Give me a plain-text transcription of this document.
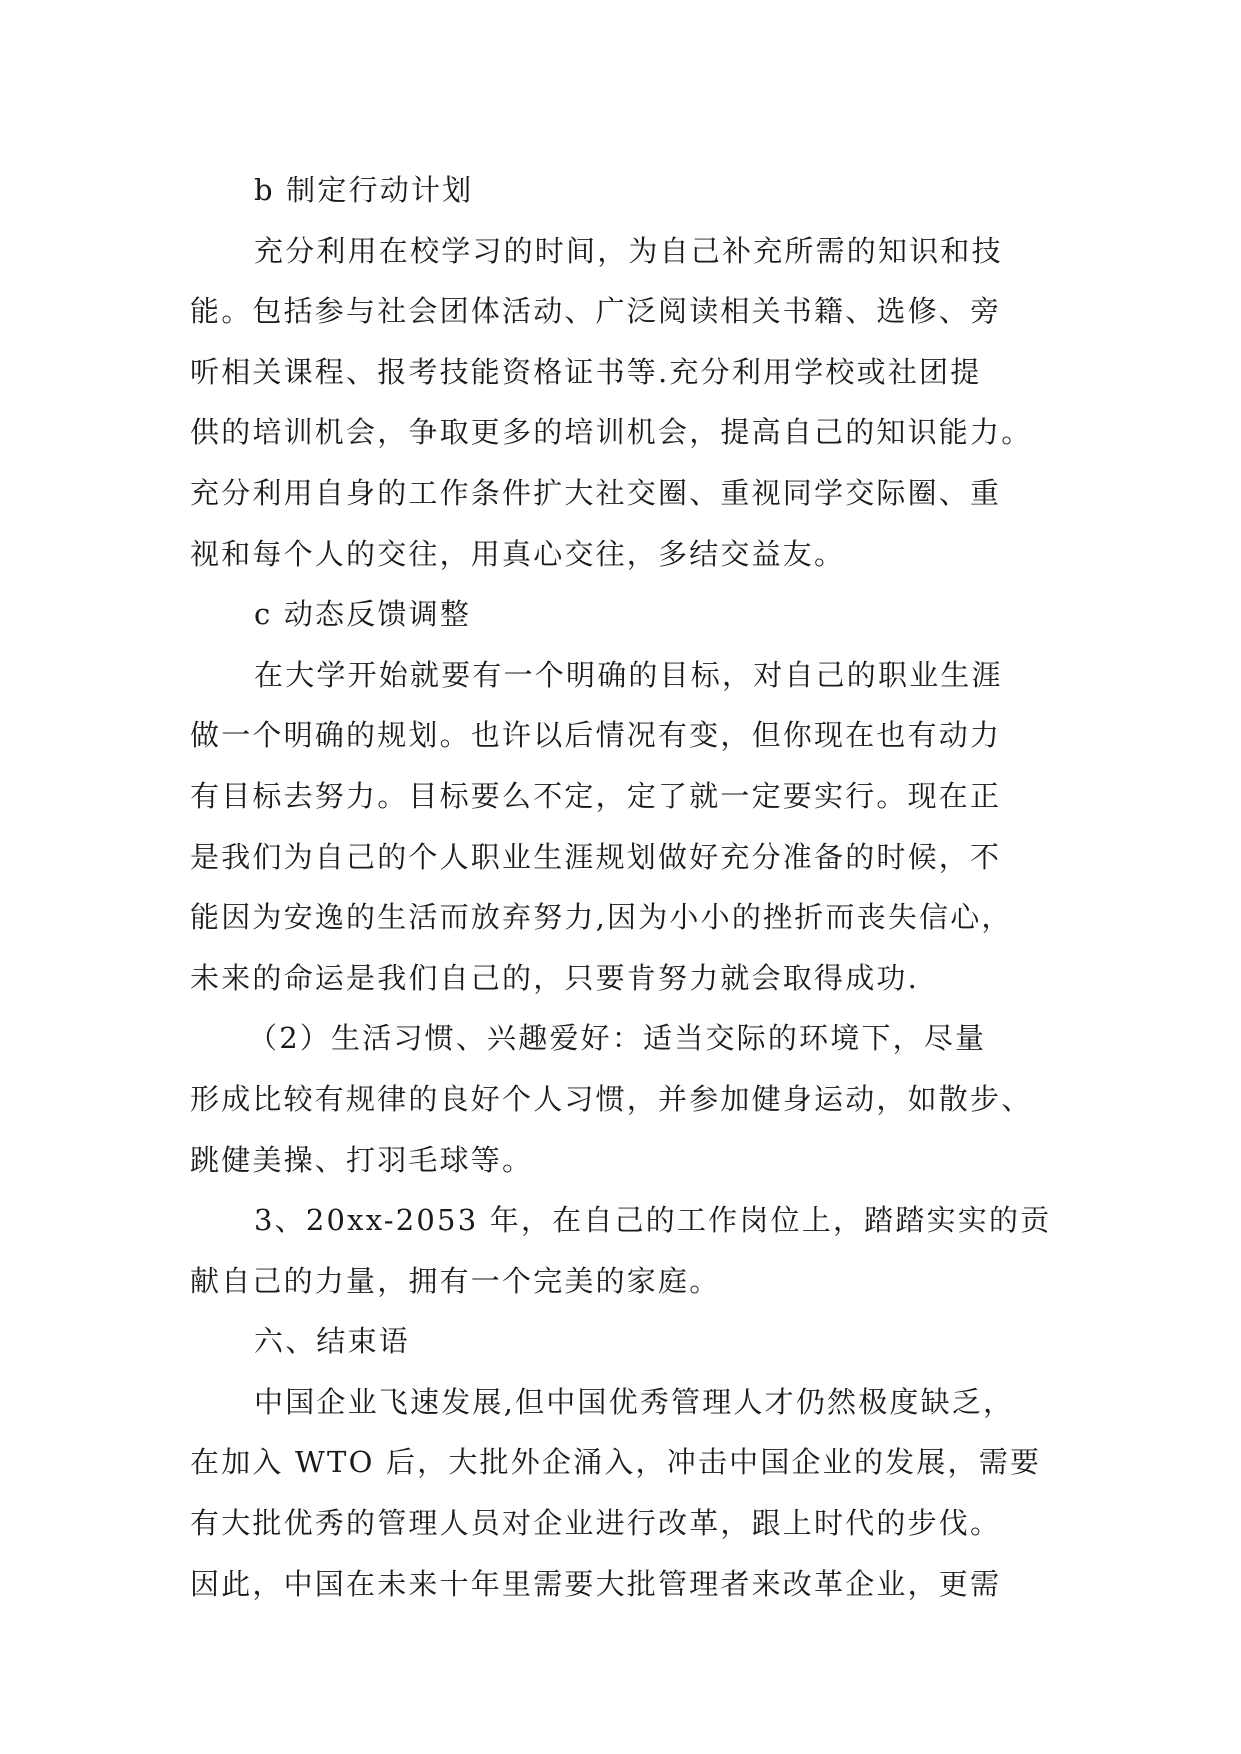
b 制定行动计划
充分利用在校学习的时间，为自己补充所需的知识和技
能。包括参与社会团体活动、广泛阅读相关书籍、选修、旁
听相关课程、报考技能资格证书等.充分利用学校或社团提
供的培训机会，争取更多的培训机会，提高自己的知识能力。
充分利用自身的工作条件扩大社交圈、重视同学交际圈、重
视和每个人的交往，用真心交往，多结交益友。
c 动态反馈调整
在大学开始就要有一个明确的目标，对自己的职业生涯
做一个明确的规划。也许以后情况有变，但你现在也有动力
有目标去努力。目标要么不定，定了就一定要实行。现在正
是我们为自己的个人职业生涯规划做好充分准备的时候，不
能因为安逸的生活而放弃努力,因为小小的挫折而丧失信心，
未来的命运是我们自己的，只要肯努力就会取得成功.
（2）生活习惯、兴趣爱好：适当交际的环境下，尽量
形成比较有规律的良好个人习惯，并参加健身运动，如散步、
跳健美操、打羽毛球等。
3、20xx-2053 年，在自己的工作岗位上，踏踏实实的贡
献自己的力量，拥有一个完美的家庭。
六、结束语
中国企业飞速发展,但中国优秀管理人才仍然极度缺乏，
在加入 WTO 后，大批外企涌入，冲击中国企业的发展，需要
有大批优秀的管理人员对企业进行改革，跟上时代的步伐。
因此，中国在未来十年里需要大批管理者来改革企业，更需
